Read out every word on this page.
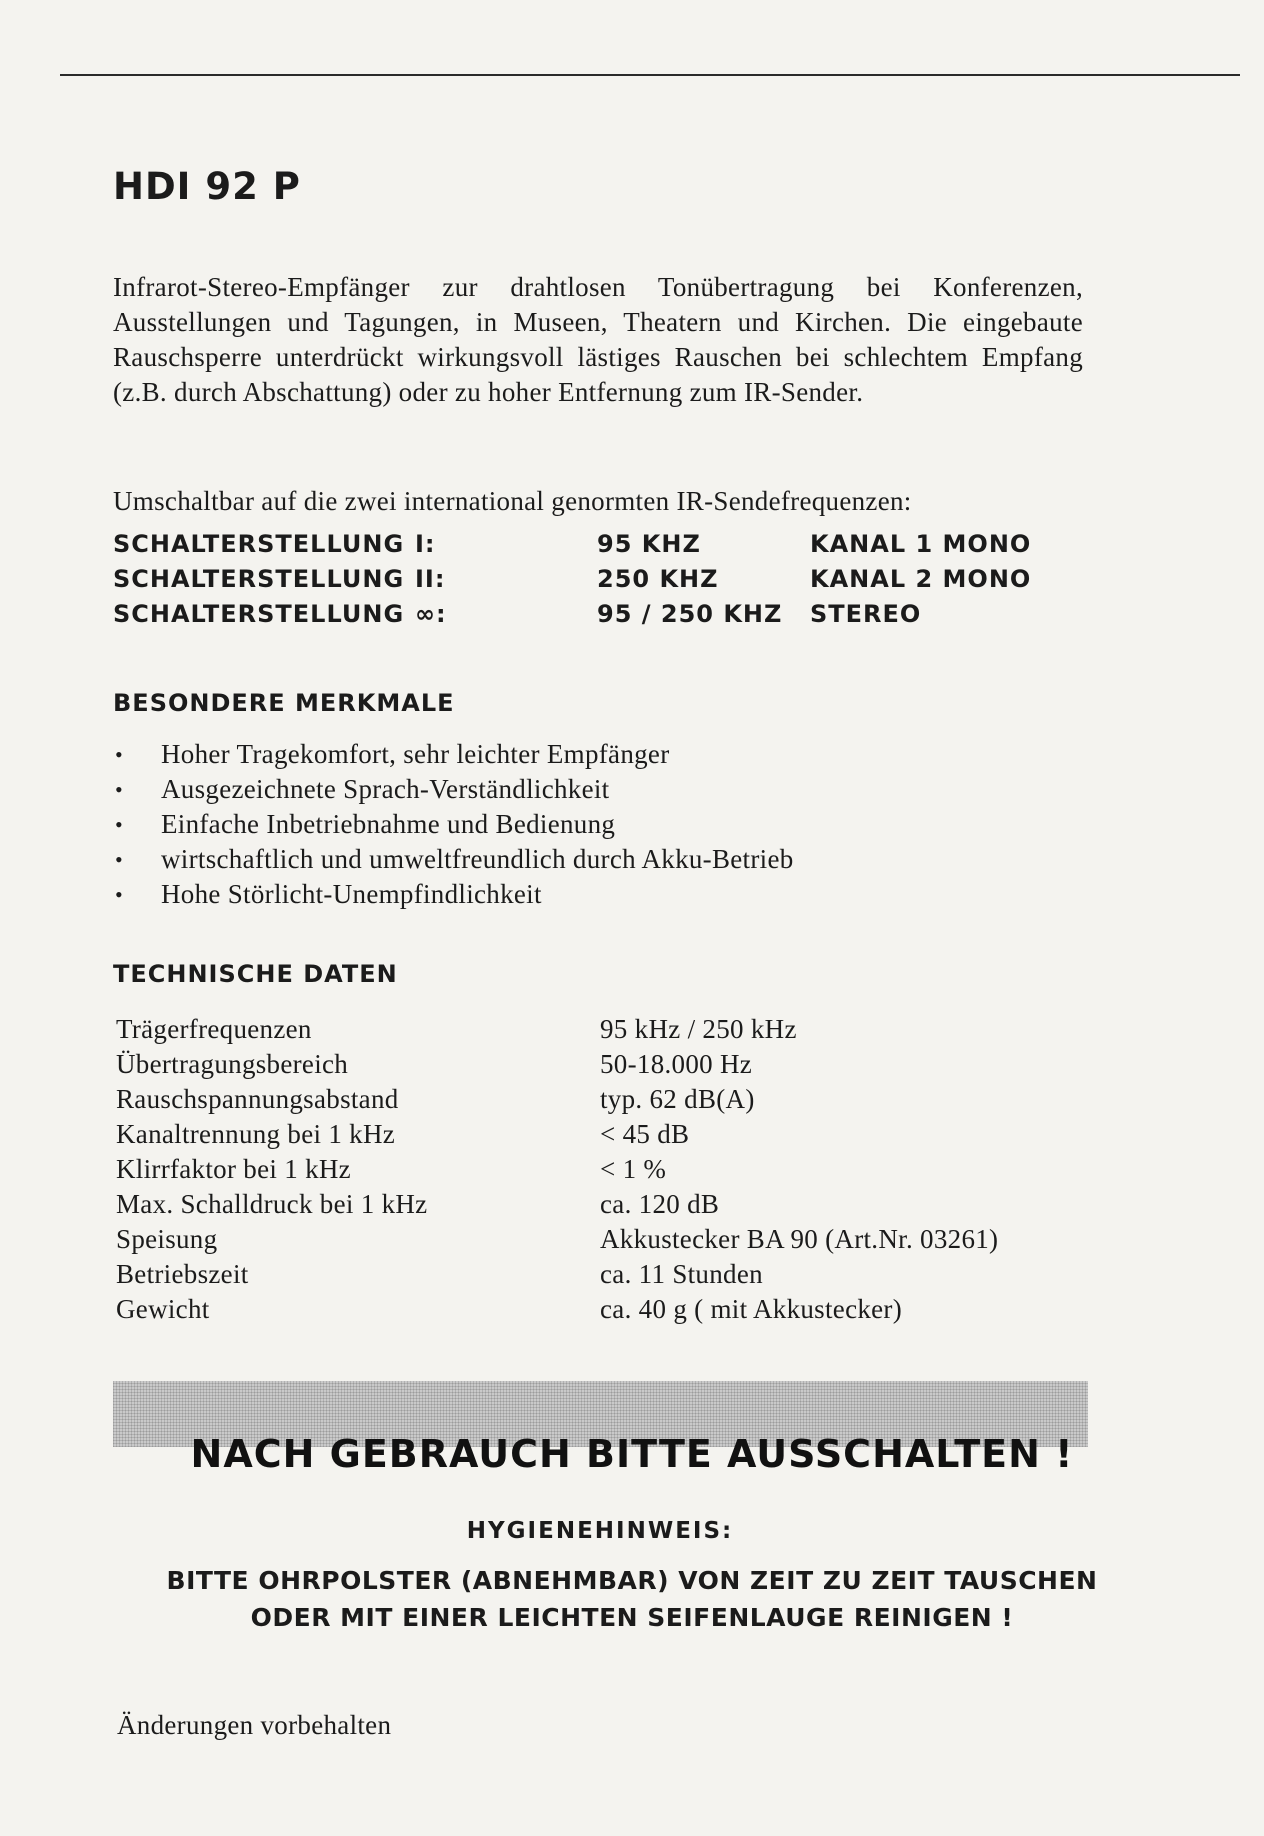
HDI 92 P

Infrarot-Stereo-Empfänger zur drahtlosen Tonübertragung bei Konferenzen, Ausstellungen und Tagungen, in Museen, Theatern und Kirchen. Die eingebaute Rauschsperre unterdrückt wirkungsvoll lästiges Rauschen bei schlechtem Empfang (z.B. durch Abschattung) oder zu hoher Entfernung zum IR-Sender.

Umschaltbar auf die zwei international genormten IR-Sendefrequenzen:

SCHALTERSTELLUNG I:	95 KHZ	KANAL 1 MONO
SCHALTERSTELLUNG II:	250 KHZ	KANAL 2 MONO
SCHALTERSTELLUNG ∞:	95 / 250 KHZ STEREO
BESONDERE MERKMALE
• Hoher Tragekomfort, sehr leichter Empfänger
• Ausgezeichnete Sprach-Verständlichkeit
• Einfache Inbetriebnahme und Bedienung
• wirtschaftlich und umweltfreundlich durch Akku-Betrieb
• Hohe Störlicht-Unempfindlichkeit
TECHNISCHE DATEN
Trägerfrequenzen	95 kHz / 250 kHz
Übertragungsbereich	50-18.000 Hz
Rauschspannungsabstand	typ. 62 dB(A)
Kanaltrennung bei 1 kHz	< 45 dB
Klirrfaktor bei 1 kHz	< 1 %
Max. Schalldruck bei 1 kHz	ca. 120 dB
Speisung	Akkustecker BA 90 (Art.Nr. 03261)
Betriebszeit	ca. 11 Stunden
Gewicht	ca. 40 g ( mit Akkustecker)

NACH GEBRAUCH BITTE AUSSCHALTEN !

HYGIENEHINWEIS:

BITTE OHRPOLSTER (ABNEHMBAR) VON ZEIT ZU ZEIT TAUSCHEN

ODER MIT EINER LEICHTEN SEIFENLAUGE REINIGEN !

Änderungen vorbehalten
